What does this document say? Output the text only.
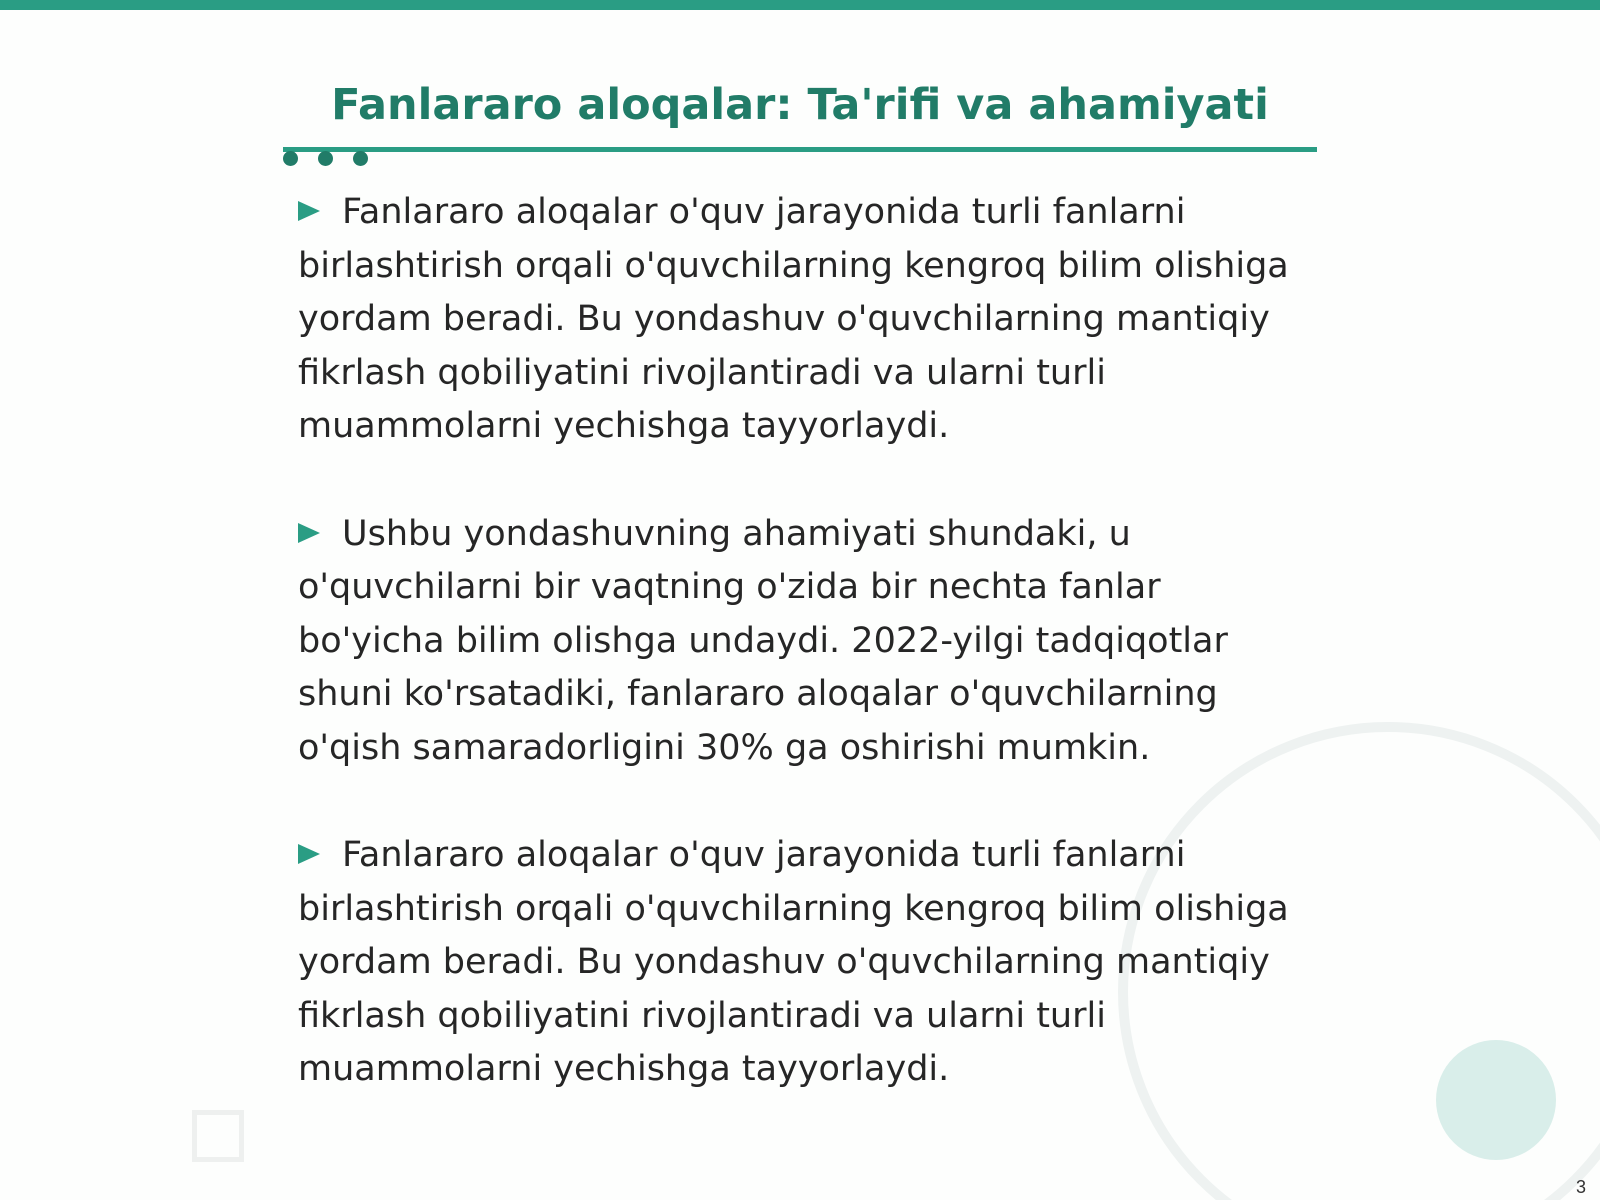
Fanlararo aloqalar: Ta'rifi va ahamiyati

Fanlararo aloqalar o'quv jarayonida turli fanlarni birlashtirish orqali o'quvchilarning kengroq bilim olishiga yordam beradi. Bu yondashuv o'quvchilarning mantiqiy fikrlash qobiliyatini rivojlantiradi va ularni turli muammolarni yechishga tayyorlaydi.

Ushbu yondashuvning ahamiyati shundaki, u o'quvchilarni bir vaqtning o'zida bir nechta fanlar bo'yicha bilim olishga undaydi. 2022-yilgi tadqiqotlar shuni ko'rsatadiki, fanlararo aloqalar o'quvchilarning o'qish samaradorligini 30% ga oshirishi mumkin.

Fanlararo aloqalar o'quv jarayonida turli fanlarni birlashtirish orqali o'quvchilarning kengroq bilim olishiga yordam beradi. Bu yondashuv o'quvchilarning mantiqiy fikrlash qobiliyatini rivojlantiradi va ularni turli muammolarni yechishga tayyorlaydi.

3
